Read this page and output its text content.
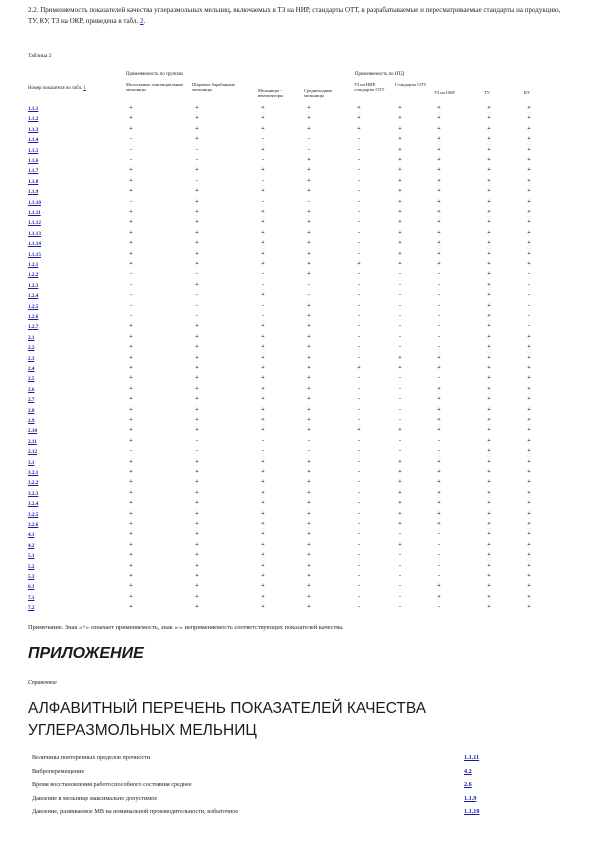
2.2. Применяемость показателей качества углеразмольных мельниц, включаемых в ТЗ на НИР, стандарты ОТТ, в разрабатываемые и пересматриваемые стандарты на продукцию, ТУ, КУ, ТЗ на ОКР, приведена в табл. 2.
Таблица 2
Номер показателя по табл. 1
Применяемость по группам	Применяемость по НТД
Молотковые тангенциальные мельницы
Шаровые барабанные мельницы	Мельницы - вентиляторы
Среднеходные мельницы
ТЗ на НИР, стандарты ОТТ
Стандарты ОТТ
ТЗ на ОКР	ТУ	КУ
1.1.1	+	+	+	+	+	+	+	+	+
1.1.2	+	+	+	+	+	+	+	+	+
1.1.3	+	+	+	+	+	+	+	+	+
1.1.4	-	+	-	-	-	+	+	+	+
1.1.5	-	-	+	-	-	+	+	+	+
1.1.6	-	-	-	+	-	+	+	+	+
1.1.7	+	+	+	+	-	+	+	+	+
1.1.8	+	-	-	+	-	+	+	+	+
1.1.9	+	+	+	+	-	+	+	+	+
1.1.10	-	+	-	-	-	+	+	+	+
1.1.11	+	+	+	+	-	+	+	+	+
1.1.12	+	+	+	+	-	+	+	+	+
1.1.13	+	+	+	+	-	+	+	+	+
1.1.14	+	+	+	+	-	+	+	+	+
1.1.15	+	+	+	+	-	+	+	+	+
1.2.1	+	+	+	+	+	+	+	+	+
1.2.2	-	-	-	+	-	-	-	+	-
1.2.3	-	+	-	-	-	-	-	+	-
1.2.4	-	-	+	-	-	-	-	+	-
1.2.5	-	-	-	+	-	-	-	+	-
1.2.6	-	-	-	+	-	-	-	+	-
1.2.7	+	+	+	+	-	-	-	+	-
2.1	+	+	+	+	-	-	-	+	+
2.2	+	+	+	+	-	-	-	+	+
2.3	+	+	+	+	-	+	+	+	+
2.4	+	+	+	+	+	+	+	+	+
2.5	+	+	+	+	-	-	-	+	+
2.6	+	+	+	+	-	-	+	+	+
2.7	+	+	+	+	-	-	+	+	+
2.8	+	+	+	+	-	-	+	+	+
2.9	+	+	+	+	-	-	+	+	+
2.10	+	+	+	+	+	+	+	+	+
2.11	+	-	-	-	-	-	-	+	+
2.12	-	-	-	-	-	-	-	+	+
3.1	+	+	+	+	-	+	+	+	+
3.2.1	+	+	+	+	-	+	+	+	+
3.2.2	+	+	+	+	-	+	+	+	+
3.2.3	+	+	+	+	-	+	+	+	+
3.2.4	+	+	+	+	-	+	+	+	+
3.2.5	+	+	+	+	-	+	+	+	+
3.2.6	+	+	+	+	-	+	+	+	+
4.1	+	+	+	+	-	-	-	+	+
4.2	+	+	+	+	-	+	-	+	+
5.1	+	+	+	+	-	-	-	+	+
5.2	+	+	+	+	-	-	-	+	+
5.3	+	+	+	+	-	-	-	+	+
6.1	+	+	+	+	-	-	+	+	+
7.1	+	+	+	+	-	-	+	+	+
7.2	+	+	+	+	-	-	-	+	+
Примечание. Знак «+» означает применяемость, знак «-» неприменяемость соответствующих показателей качества.
ПРИЛОЖЕНИЕ
Справочное
АЛФАВИТНЫЙ ПЕРЕЧЕНЬ ПОКАЗАТЕЛЕЙ КАЧЕСТВА УГЛЕРАЗМОЛЬНЫХ МЕЛЬНИЦ
Величины повторенных пределов прочности	1.1.11
Виброперемещение	4.2
Время восстановления работоспособного состояния среднее	2.6
Давление в мельнице максимально допустимое	1.1.9
Давление, развиваемое МВ на номинальной производительности, избыточное	1.1.10
